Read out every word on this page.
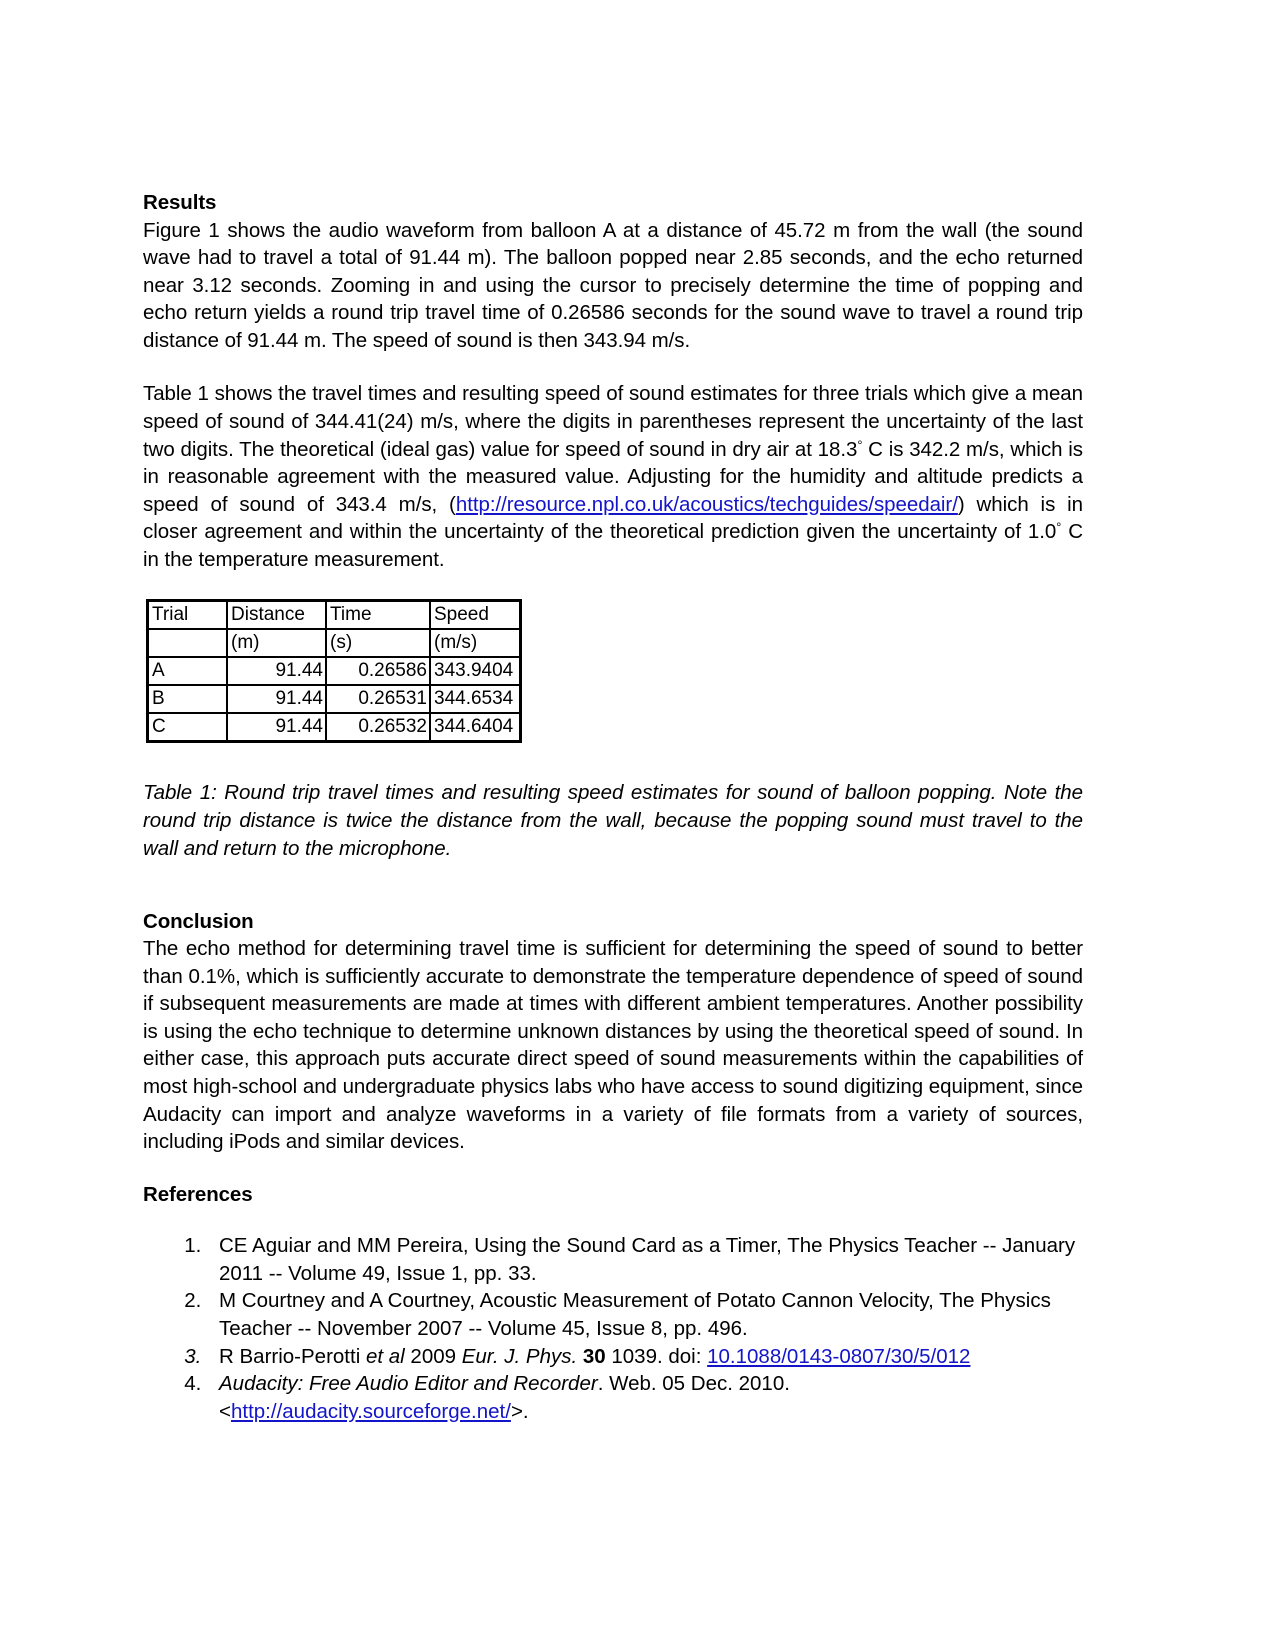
Results

Figure 1 shows the audio waveform from balloon A at a distance of 45.72 m from the wall (the sound wave had to travel a total of 91.44 m). The balloon popped near 2.85 seconds, and the echo returned near 3.12 seconds. Zooming in and using the cursor to precisely determine the time of popping and echo return yields a round trip travel time of 0.26586 seconds for the sound wave to travel a round trip distance of 91.44 m. The speed of sound is then 343.94 m/s.

Table 1 shows the travel times and resulting speed of sound estimates for three trials which give a mean speed of sound of 344.41(24) m/s, where the digits in parentheses represent the uncertainty of the last two digits. The theoretical (ideal gas) value for speed of sound in dry air at 18.3° C is 342.2 m/s, which is in reasonable agreement with the measured value. Adjusting for the humidity and altitude predicts a speed of sound of 343.4 m/s, (http://resource.npl.co.uk/acoustics/techguides/speedair/) which is in closer agreement and within the uncertainty of the theoretical prediction given the uncertainty of 1.0° C in the temperature measurement.

Trial	Distance	Time	Speed
	(m)	(s)	(m/s)
A	91.44	0.26586	343.9404
B	91.44	0.26531	344.6534
C	91.44	0.26532	344.6404

Table 1: Round trip travel times and resulting speed estimates for sound of balloon popping. Note the round trip distance is twice the distance from the wall, because the popping sound must travel to the wall and return to the microphone.

Conclusion

The echo method for determining travel time is sufficient for determining the speed of sound to better than 0.1%, which is sufficiently accurate to demonstrate the temperature dependence of speed of sound if subsequent measurements are made at times with different ambient temperatures. Another possibility is using the echo technique to determine unknown distances by using the theoretical speed of sound. In either case, this approach puts accurate direct speed of sound measurements within the capabilities of most high-school and undergraduate physics labs who have access to sound digitizing equipment, since Audacity can import and analyze waveforms in a variety of file formats from a variety of sources, including iPods and similar devices.

References
1. CE Aguiar and MM Pereira, Using the Sound Card as a Timer, The Physics Teacher -- January 2011 -- Volume 49, Issue 1, pp. 33.
2. M Courtney and A Courtney, Acoustic Measurement of Potato Cannon Velocity, The Physics Teacher -- November 2007 -- Volume 45, Issue 8, pp. 496.
3. R Barrio-Perotti et al 2009 Eur. J. Phys. 30 1039. doi: 10.1088/0143-0807/30/5/012
4. Audacity: Free Audio Editor and Recorder. Web. 05 Dec. 2010.
<http://audacity.sourceforge.net/>.
